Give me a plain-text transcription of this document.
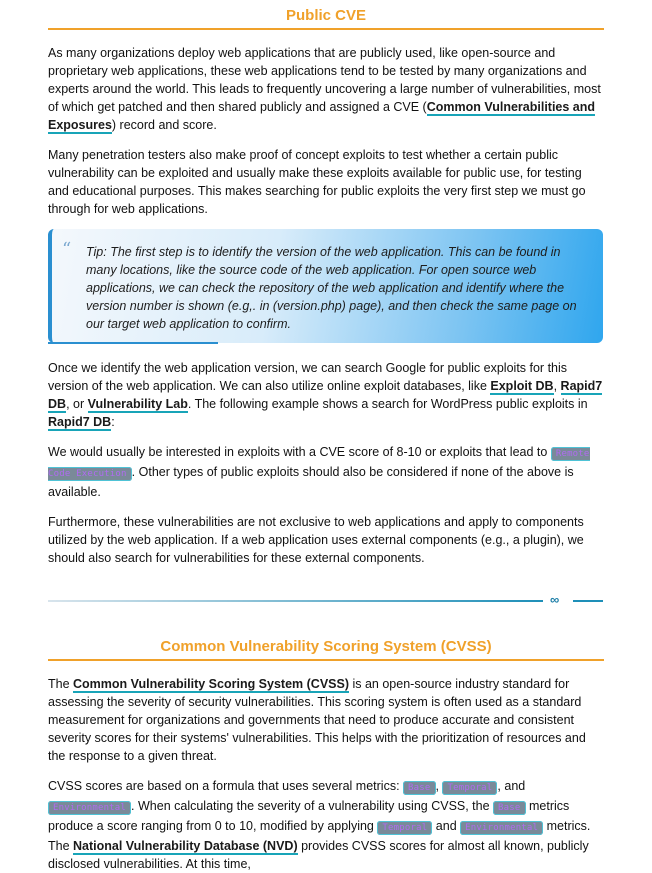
Public CVE

As many organizations deploy web applications that are publicly used, like open-source and proprietary web applications, these web applications tend to be tested by many organizations and experts around the world. This leads to frequently uncovering a large number of vulnerabilities, most of which get patched and then shared publicly and assigned a CVE (Common Vulnerabilities and Exposures) record and score.

Many penetration testers also make proof of concept exploits to test whether a certain public vulnerability can be exploited and usually make these exploits available for public use, for testing and educational purposes. This makes searching for public exploits the very first step we must go through for web applications.

“ Tip: The first step is to identify the version of the web application. This can be found in many locations, like the source code of the web application. For open source web applications, we can check the repository of the web application and identify where the version number is shown (e.g,. in (version.php) page), and then check the same page on our target web application to confirm.

Once we identify the web application version, we can search Google for public exploits for this version of the web application. We can also utilize online exploit databases, like Exploit DB, Rapid7 DB, or Vulnerability Lab. The following example shows a search for WordPress public exploits in Rapid7 DB:

We would usually be interested in exploits with a CVE score of 8-10 or exploits that lead to Remote Code Execution . Other types of public exploits should also be considered if none of the above is available.

Furthermore, these vulnerabilities are not exclusive to web applications and apply to components utilized by the web application. If a web application uses external components (e.g., a plugin), we should also search for vulnerabilities for these external components.

∞
Common Vulnerability Scoring System (CVSS)

The Common Vulnerability Scoring System (CVSS) is an open-source industry standard for assessing the severity of security vulnerabilities. This scoring system is often used as a standard measurement for organizations and governments that need to produce accurate and consistent severity scores for their systems' vulnerabilities. This helps with the prioritization of resources and the response to a given threat.

CVSS scores are based on a formula that uses several metrics: Base , Temporal , and Environmental . When calculating the severity of a vulnerability using CVSS, the Base metrics produce a score ranging from 0 to 10, modified by applying Temporal and Environmental metrics. The National Vulnerability Database (NVD) provides CVSS scores for almost all known, publicly disclosed vulnerabilities. At this time,
